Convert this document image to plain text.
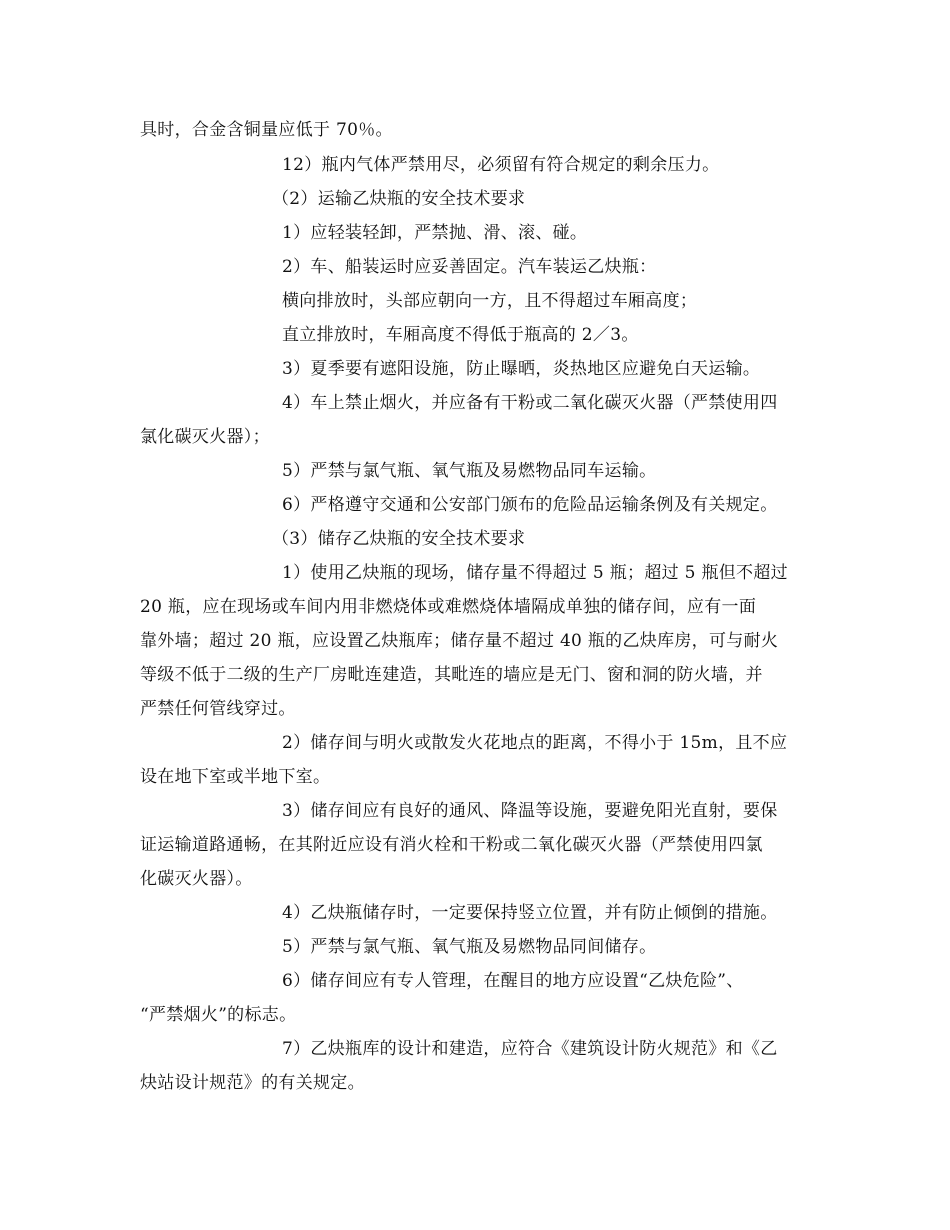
具时，合金含铜量应低于 70％。
12）瓶内气体严禁用尽，必须留有符合规定的剩余压力。
（2）运输乙炔瓶的安全技术要求
1）应轻装轻卸，严禁抛、滑、滚、碰。
2）车、船装运时应妥善固定。汽车装运乙炔瓶：
横向排放时，头部应朝向一方，且不得超过车厢高度；
直立排放时，车厢高度不得低于瓶高的 2／3。
3）夏季要有遮阳设施，防止曝晒，炎热地区应避免白天运输。
4）车上禁止烟火，并应备有干粉或二氧化碳灭火器（严禁使用四
氯化碳灭火器）；
5）严禁与氯气瓶、氧气瓶及易燃物品同车运输。
6）严格遵守交通和公安部门颁布的危险品运输条例及有关规定。
（3）储存乙炔瓶的安全技术要求
1）使用乙炔瓶的现场，储存量不得超过 5 瓶；超过 5 瓶但不超过
20 瓶，应在现场或车间内用非燃烧体或难燃烧体墙隔成单独的储存间，应有一面
靠外墙；超过 20 瓶，应设置乙炔瓶库；储存量不超过 40 瓶的乙炔库房，可与耐火
等级不低于二级的生产厂房毗连建造，其毗连的墙应是无门、窗和洞的防火墙，并
严禁任何管线穿过。
2）储存间与明火或散发火花地点的距离，不得小于 15m，且不应
设在地下室或半地下室。
3）储存间应有良好的通风、降温等设施，要避免阳光直射，要保
证运输道路通畅，在其附近应设有消火栓和干粉或二氧化碳灭火器（严禁使用四氯
化碳灭火器）。
4）乙炔瓶储存时，一定要保持竖立位置，并有防止倾倒的措施。
5）严禁与氯气瓶、氧气瓶及易燃物品同间储存。
6）储存间应有专人管理，在醒目的地方应设置“乙炔危险”、
“严禁烟火”的标志。
7）乙炔瓶库的设计和建造，应符合《建筑设计防火规范》和《乙
炔站设计规范》的有关规定。
